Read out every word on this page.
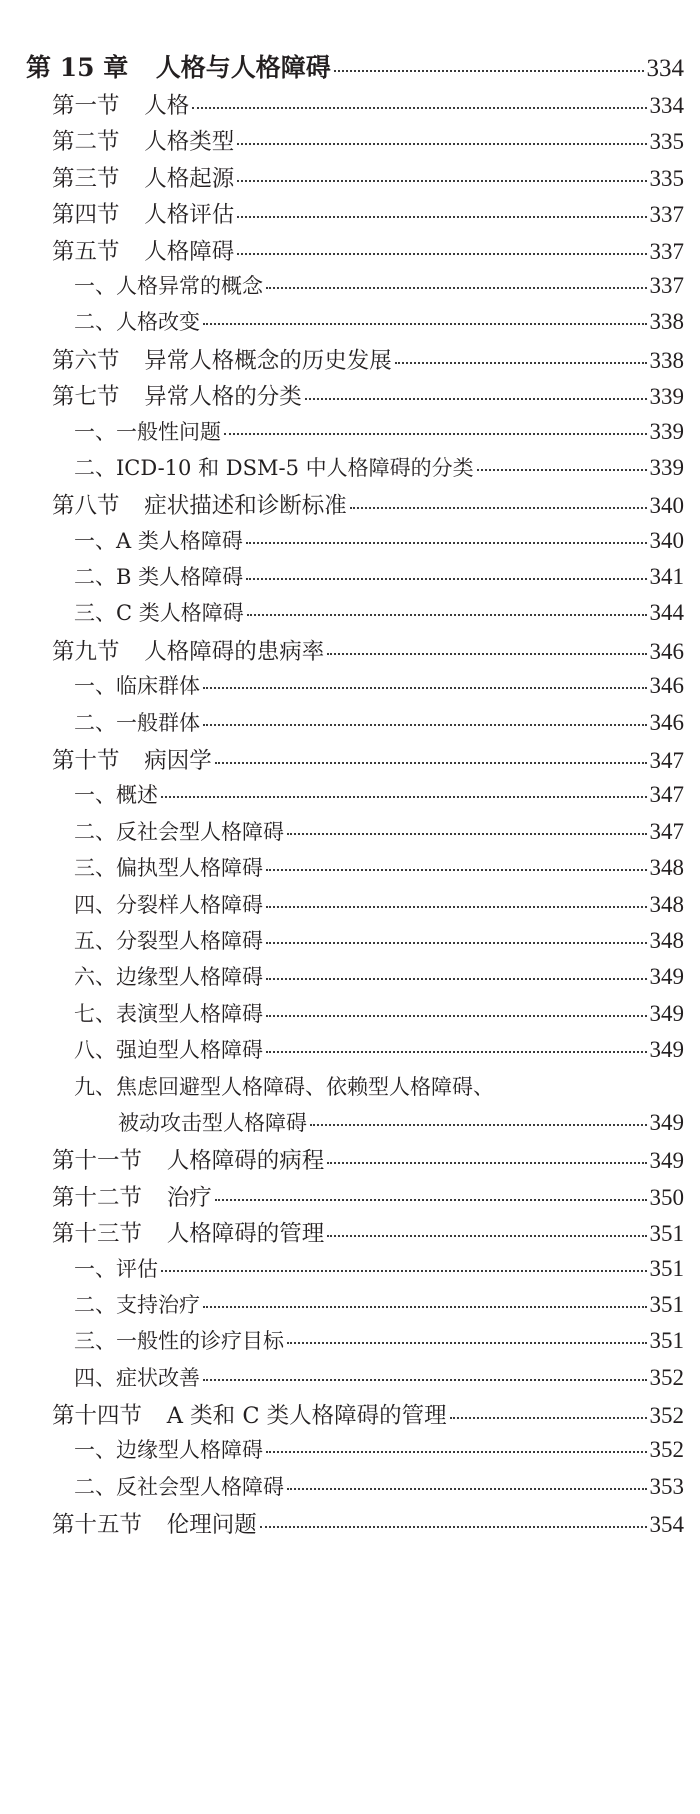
第 15 章 人格与人格障碍	334
第一节 人格	334
第二节 人格类型	335
第三节 人格起源	335
第四节 人格评估	337
第五节 人格障碍	337
一、人格异常的概念	337
二、人格改变	338
第六节 异常人格概念的历史发展	338
第七节 异常人格的分类	339
一、一般性问题	339
二、ICD-10 和 DSM-5 中人格障碍的分类	339
第八节 症状描述和诊断标准	340
一、A 类人格障碍	340
二、B 类人格障碍	341
三、C 类人格障碍	344
第九节 人格障碍的患病率	346
一、临床群体	346
二、一般群体	346
第十节 病因学	347
一、概述	347
二、反社会型人格障碍	347
三、偏执型人格障碍	348
四、分裂样人格障碍	348
五、分裂型人格障碍	348
六、边缘型人格障碍	349
七、表演型人格障碍	349
八、强迫型人格障碍	349
九、焦虑回避型人格障碍、依赖型人格障碍、
被动攻击型人格障碍	349
第十一节 人格障碍的病程	349
第十二节 治疗	350
第十三节 人格障碍的管理	351
一、评估	351
二、支持治疗	351
三、一般性的诊疗目标	351
四、症状改善	352
第十四节 A 类和 C 类人格障碍的管理	352
一、边缘型人格障碍	352
二、反社会型人格障碍	353
第十五节 伦理问题	354
